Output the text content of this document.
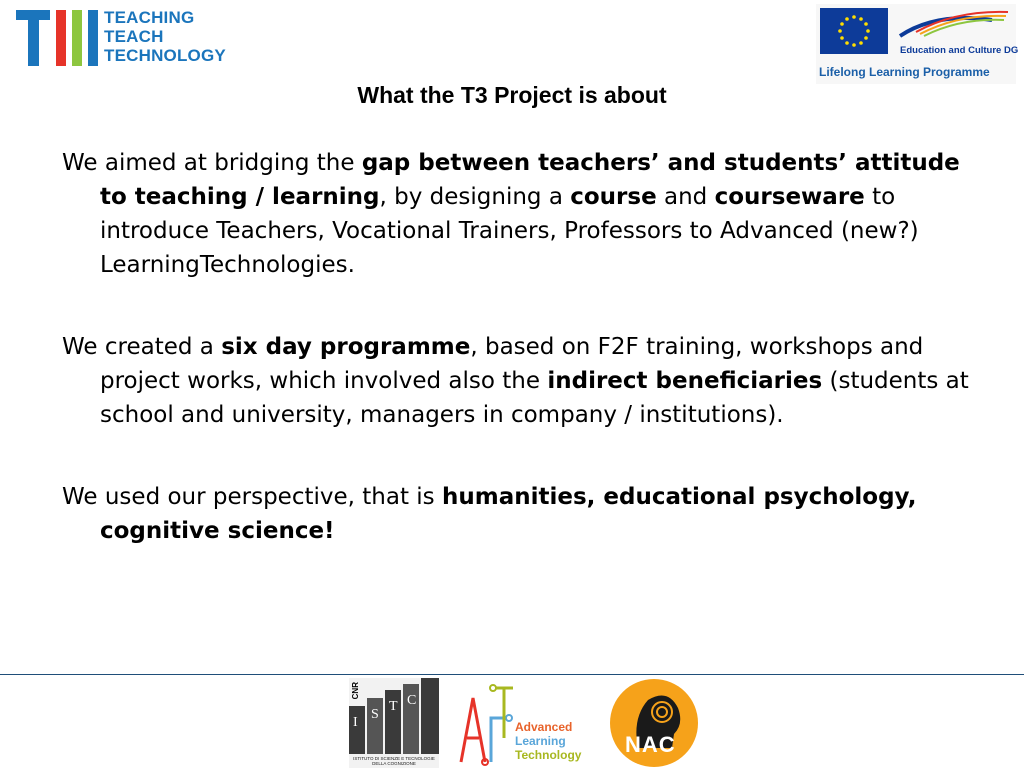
TEACHING
TEACH
TECHNOLOGY	Education and Culture DG
Lifelong Learning Programme
What the T3 Project is about

We aimed at bridging the gap between teachers’ and students’ attitude to teaching / learning, by designing a course and courseware to introduce Teachers, Vocational Trainers, Professors to Advanced (new?) LearningTechnologies.

We created a six day programme, based on F2F training, workshops and project works, which involved also the indirect beneficiaries (students at school and university, managers in company / institutions).

We used our perspective, that is humanities, educational psychology, cognitive science!

I
S
T C
CNR
ISTITUTO DI SCIENZE E TECNOLOGIE DELLA COGNIZIONE
Advanced
Learning
Technology NAC
